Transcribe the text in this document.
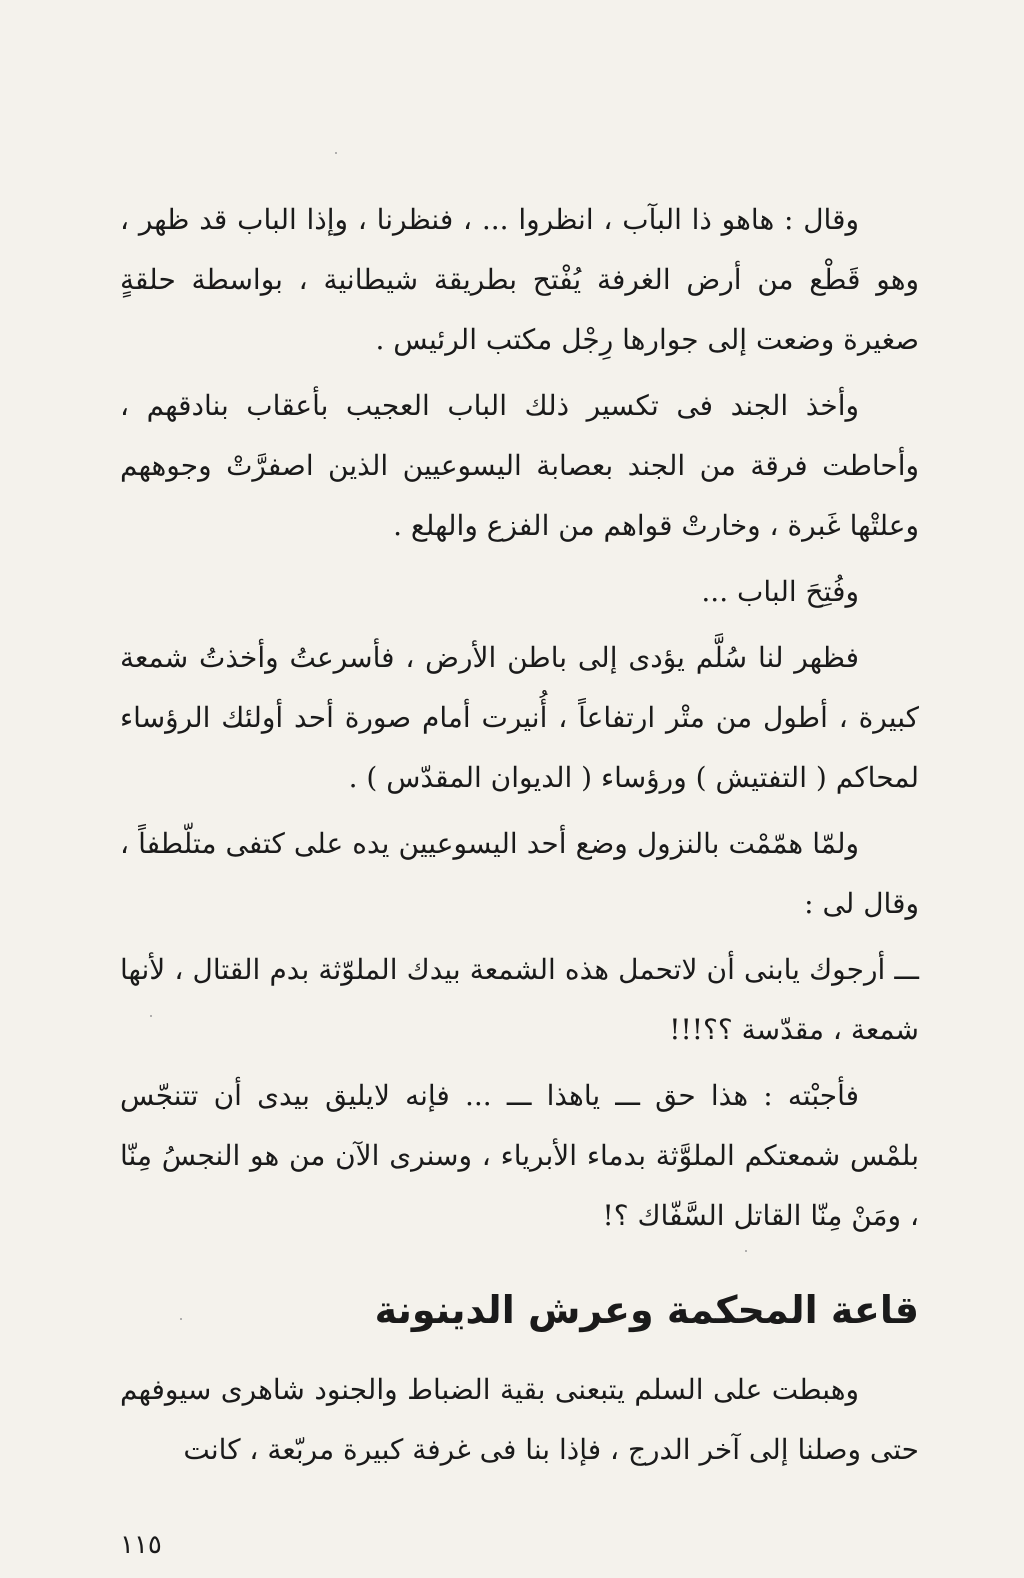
وقال : هاهو ذا البآب ، انظروا ... ، فنظرنا ، وإذا الباب قد ظهر ، وهو قَطْع من أرض الغرفة يُفْتح بطريقة شيطانية ، بواسطة حلقةٍ صغيرة وضعت إلى جوارها رِجْل مكتب الرئيس .

وأخذ الجند فى تكسير ذلك الباب العجيب بأعقاب بنادقهم ، وأحاطت فرقة من الجند بعصابة اليسوعيين الذين اصفرَّتْ وجوههم وعلتْها غَبرة ، وخارتْ قواهم من الفزع والهلع .

وفُتِحَ الباب ...

فظهر لنا سُلَّم يؤدى إلى باطن الأرض ، فأسرعتُ وأخذتُ شمعة كبيرة ، أطول من متْر ارتفاعاً ، أُنيرت أمام صورة أحد أولئك الرؤساء لمحاكم ( التفتيش ) ورؤساء ( الديوان المقدّس ) .

ولمّا همّمْت بالنزول وضع أحد اليسوعيين يده على كتفى متلّطفاً ، وقال لى :

ـــ أرجوك يابنى أن لاتحمل هذه الشمعة بيدك الملوّثة بدم القتال ، لأنها شمعة ، مقدّسة ؟؟!!!

فأجبْته : هذا حق ـــ ياهذا ـــ ... فإنه لايليق بيدى أن تتنجّس بلمْس شمعتكم الملوَّثة بدماء الأبرياء ، وسنرى الآن من هو النجسُ مِنّا ، ومَنْ مِنّا القاتل السَّفّاك ؟!

قاعة المحكمة وعرش الدينونة

وهبطت على السلم يتبعنى بقية الضباط والجنود شاهرى سيوفهم حتى وصلنا إلى آخر الدرج ، فإذا بنا فى غرفة كبيرة مربّعة ، كانت

١١٥
